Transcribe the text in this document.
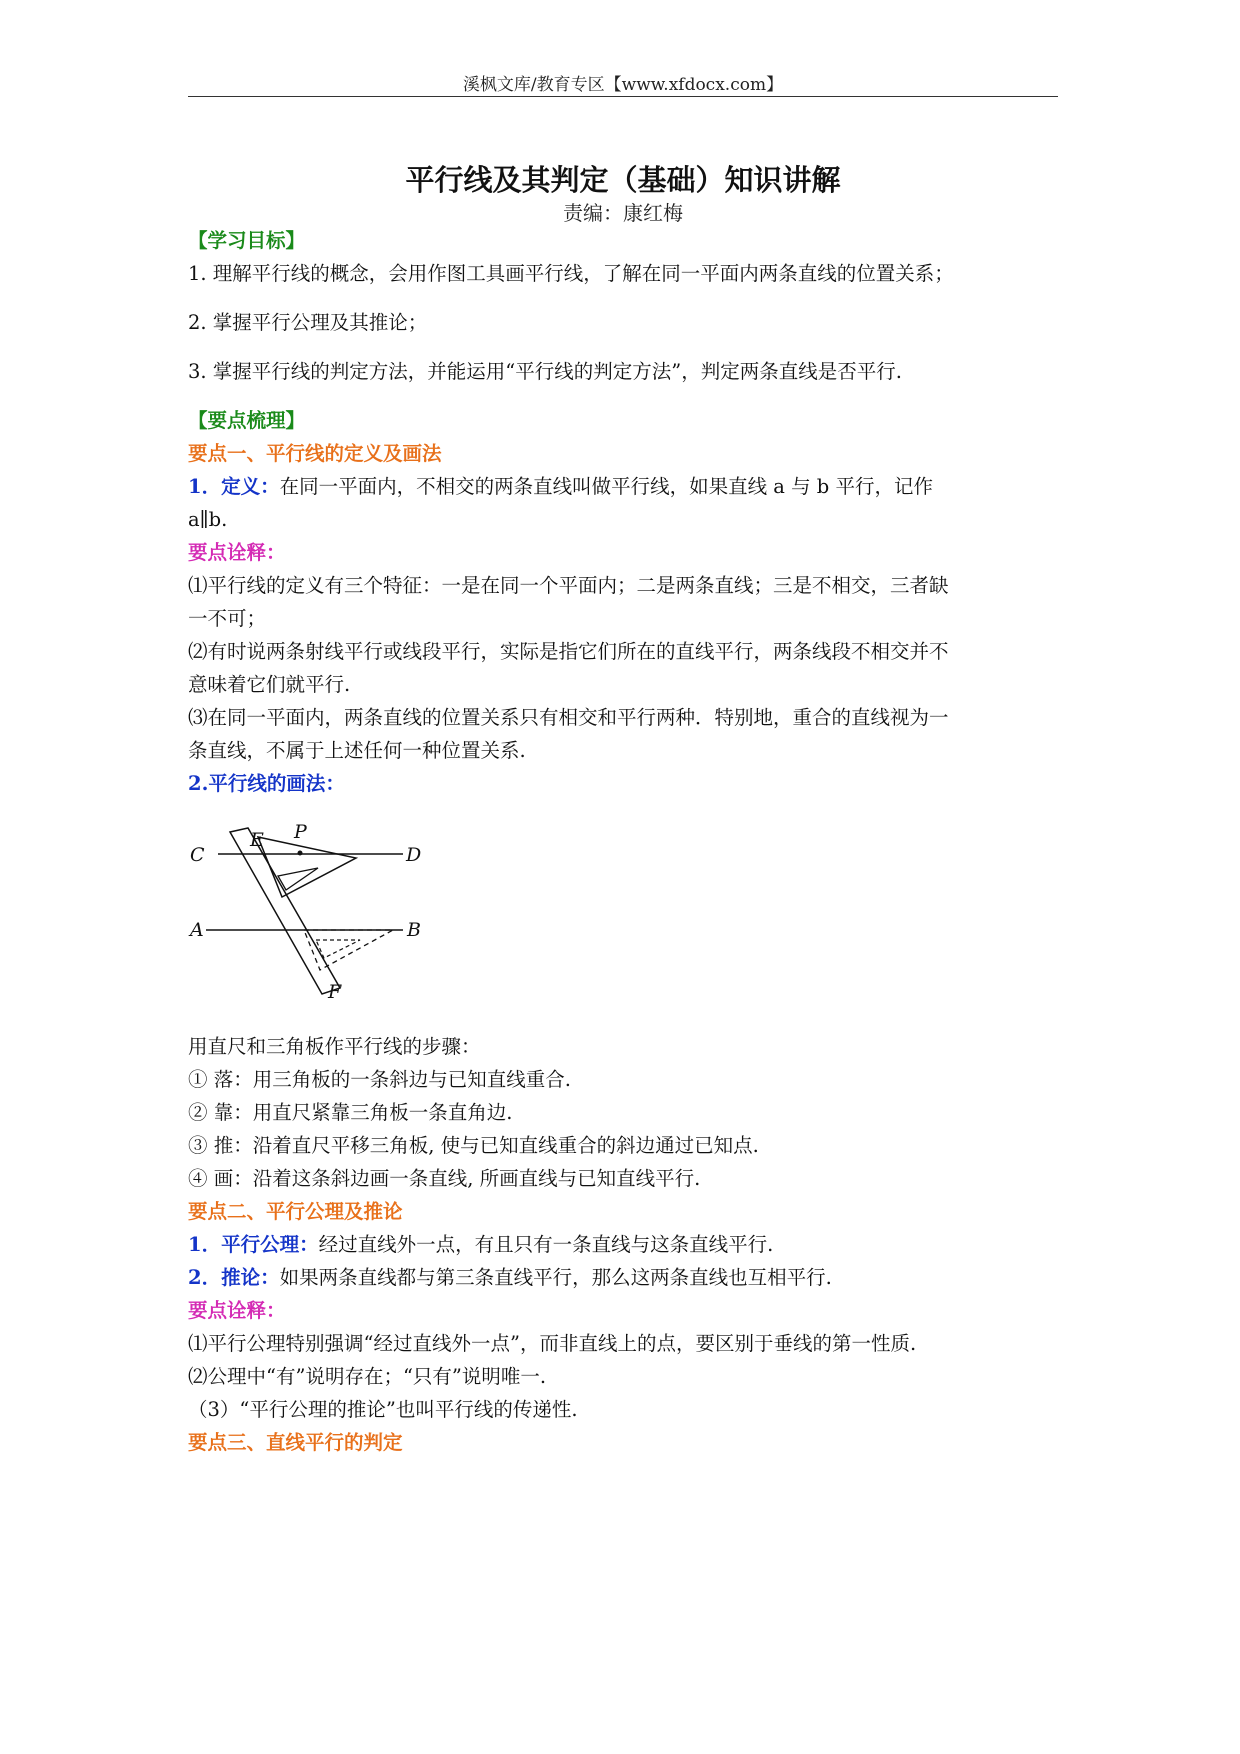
溪枫文库/教育专区【www.xfdocx.com】
平行线及其判定（基础）知识讲解
责编：康红梅

【学习目标】

1. 理解平行线的概念，会用作图工具画平行线，了解在同一平面内两条直线的位置关系；

2. 掌握平行公理及其推论；

3. 掌握平行线的判定方法，并能运用“平行线的判定方法”，判定两条直线是否平行.

【要点梳理】

要点一、平行线的定义及画法

1．定义：在同一平面内，不相交的两条直线叫做平行线，如果直线 a 与 b 平行，记作

a∥b.

要点诠释：

⑴平行线的定义有三个特征：一是在同一个平面内；二是两条直线；三是不相交，三者缺

一不可；

⑵有时说两条射线平行或线段平行，实际是指它们所在的直线平行，两条线段不相交并不

意味着它们就平行.

⑶在同一平面内，两条直线的位置关系只有相交和平行两种．特别地，重合的直线视为一

条直线，不属于上述任何一种位置关系.

2.平行线的画法：

C
E P
D
A	B
F

用直尺和三角板作平行线的步骤：

① 落：用三角板的一条斜边与已知直线重合.

② 靠：用直尺紧靠三角板一条直角边.

③ 推：沿着直尺平移三角板, 使与已知直线重合的斜边通过已知点.

④ 画：沿着这条斜边画一条直线, 所画直线与已知直线平行.

要点二、平行公理及推论

1．平行公理：经过直线外一点，有且只有一条直线与这条直线平行.

2．推论：如果两条直线都与第三条直线平行，那么这两条直线也互相平行.

要点诠释：

⑴平行公理特别强调“经过直线外一点”，而非直线上的点，要区别于垂线的第一性质.

⑵公理中“有”说明存在；“只有”说明唯一.

（3）“平行公理的推论”也叫平行线的传递性.

要点三、直线平行的判定
